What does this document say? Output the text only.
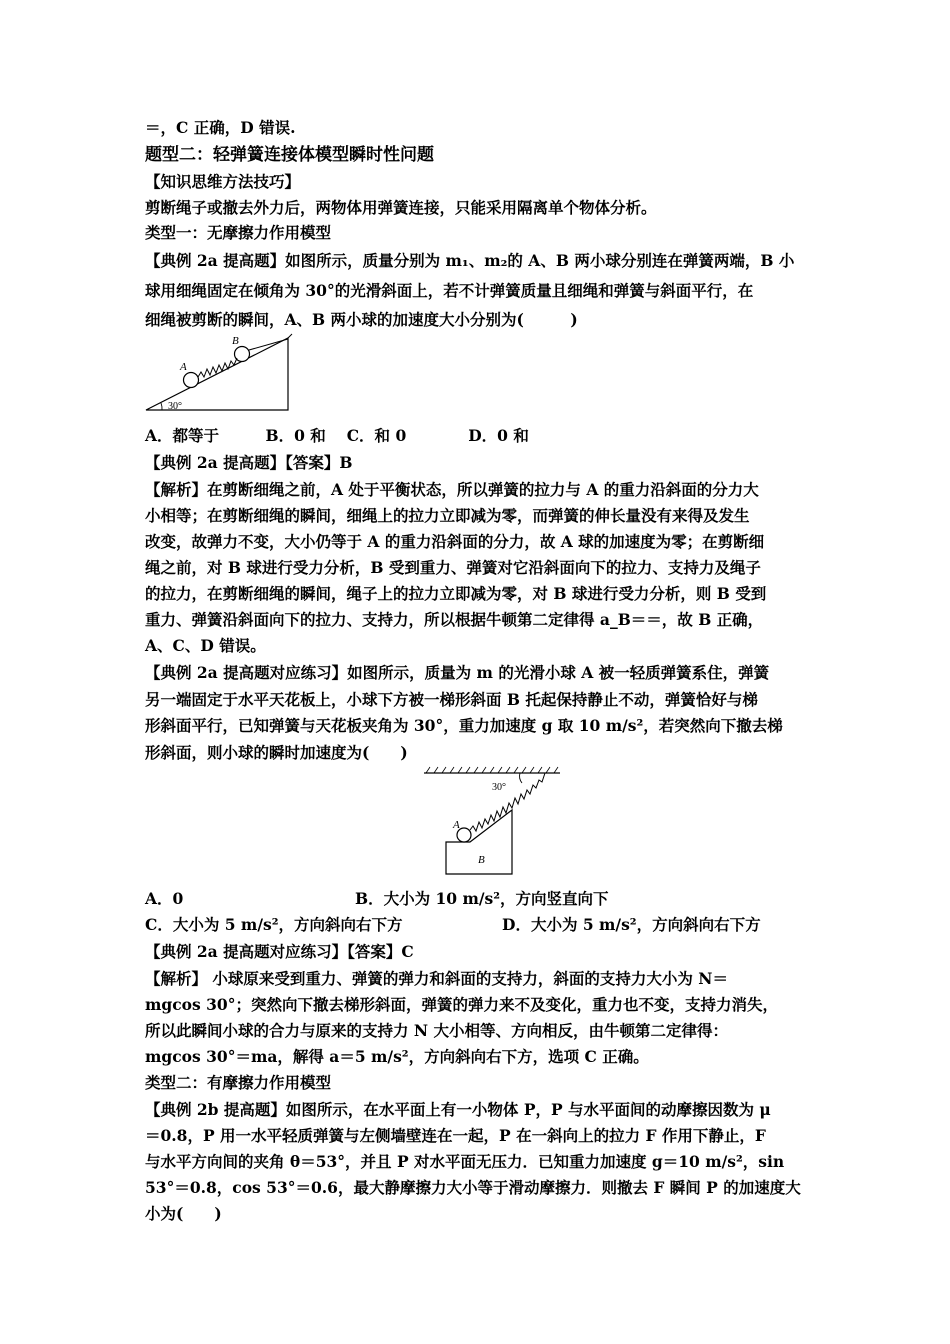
＝，C 正确，D 错误.
题型二：轻弹簧连接体模型瞬时性问题
【知识思维方法技巧】
剪断绳子或撤去外力后，两物体用弹簧连接，只能采用隔离单个物体分析。
类型一：无摩擦力作用模型
【典例 2a 提高题】如图所示，质量分别为 m₁、m₂的 A、B 两小球分别连在弹簧两端，B 小
球用细绳固定在倾角为 30°的光滑斜面上，若不计弹簧质量且细绳和弹簧与斜面平行，在
细绳被剪断的瞬间，A、B 两小球的加速度大小分别为(　　　)
A
B
30°
A．都等于　　　B．0 和　 C．和 0　　　　D．0 和
【典例 2a 提高题】【答案】B
【解析】在剪断细绳之前，A 处于平衡状态，所以弹簧的拉力与 A 的重力沿斜面的分力大
小相等；在剪断细绳的瞬间，细绳上的拉力立即减为零，而弹簧的伸长量没有来得及发生
改变，故弹力不变，大小仍等于 A 的重力沿斜面的分力，故 A 球的加速度为零；在剪断细
绳之前，对 B 球进行受力分析，B 受到重力、弹簧对它沿斜面向下的拉力、支持力及绳子
的拉力，在剪断细绳的瞬间，绳子上的拉力立即减为零，对 B 球进行受力分析，则 B 受到
重力、弹簧沿斜面向下的拉力、支持力，所以根据牛顿第二定律得 a_B＝＝，故 B 正确，
A、C、D 错误。
【典例 2a 提高题对应练习】如图所示，质量为 m 的光滑小球 A 被一轻质弹簧系住，弹簧
另一端固定于水平天花板上，小球下方被一梯形斜面 B 托起保持静止不动，弹簧恰好与梯
形斜面平行，已知弹簧与天花板夹角为 30°，重力加速度 g 取 10 m/s²，若突然向下撤去梯
形斜面，则小球的瞬时加速度为(　　)
30°
A
B
A．0	B．大小为 10 m/s²，方向竖直向下
C．大小为 5 m/s²，方向斜向右下方	D．大小为 5 m/s²，方向斜向右下方
【典例 2a 提高题对应练习】【答案】C
【解析】 小球原来受到重力、弹簧的弹力和斜面的支持力，斜面的支持力大小为 N＝
mgcos 30°；突然向下撤去梯形斜面，弹簧的弹力来不及变化，重力也不变，支持力消失，
所以此瞬间小球的合力与原来的支持力 N 大小相等、方向相反，由牛顿第二定律得：
mgcos 30°＝ma，解得 a＝5 m/s²，方向斜向右下方，选项 C 正确。
类型二：有摩擦力作用模型
【典例 2b 提高题】如图所示，在水平面上有一小物体 P，P 与水平面间的动摩擦因数为 μ
＝0.8，P 用一水平轻质弹簧与左侧墙壁连在一起，P 在一斜向上的拉力 F 作用下静止，F
与水平方向间的夹角 θ＝53°，并且 P 对水平面无压力．已知重力加速度 g＝10 m/s²，sin
53°＝0.8，cos 53°＝0.6，最大静摩擦力大小等于滑动摩擦力．则撤去 F 瞬间 P 的加速度大
小为(　　)
